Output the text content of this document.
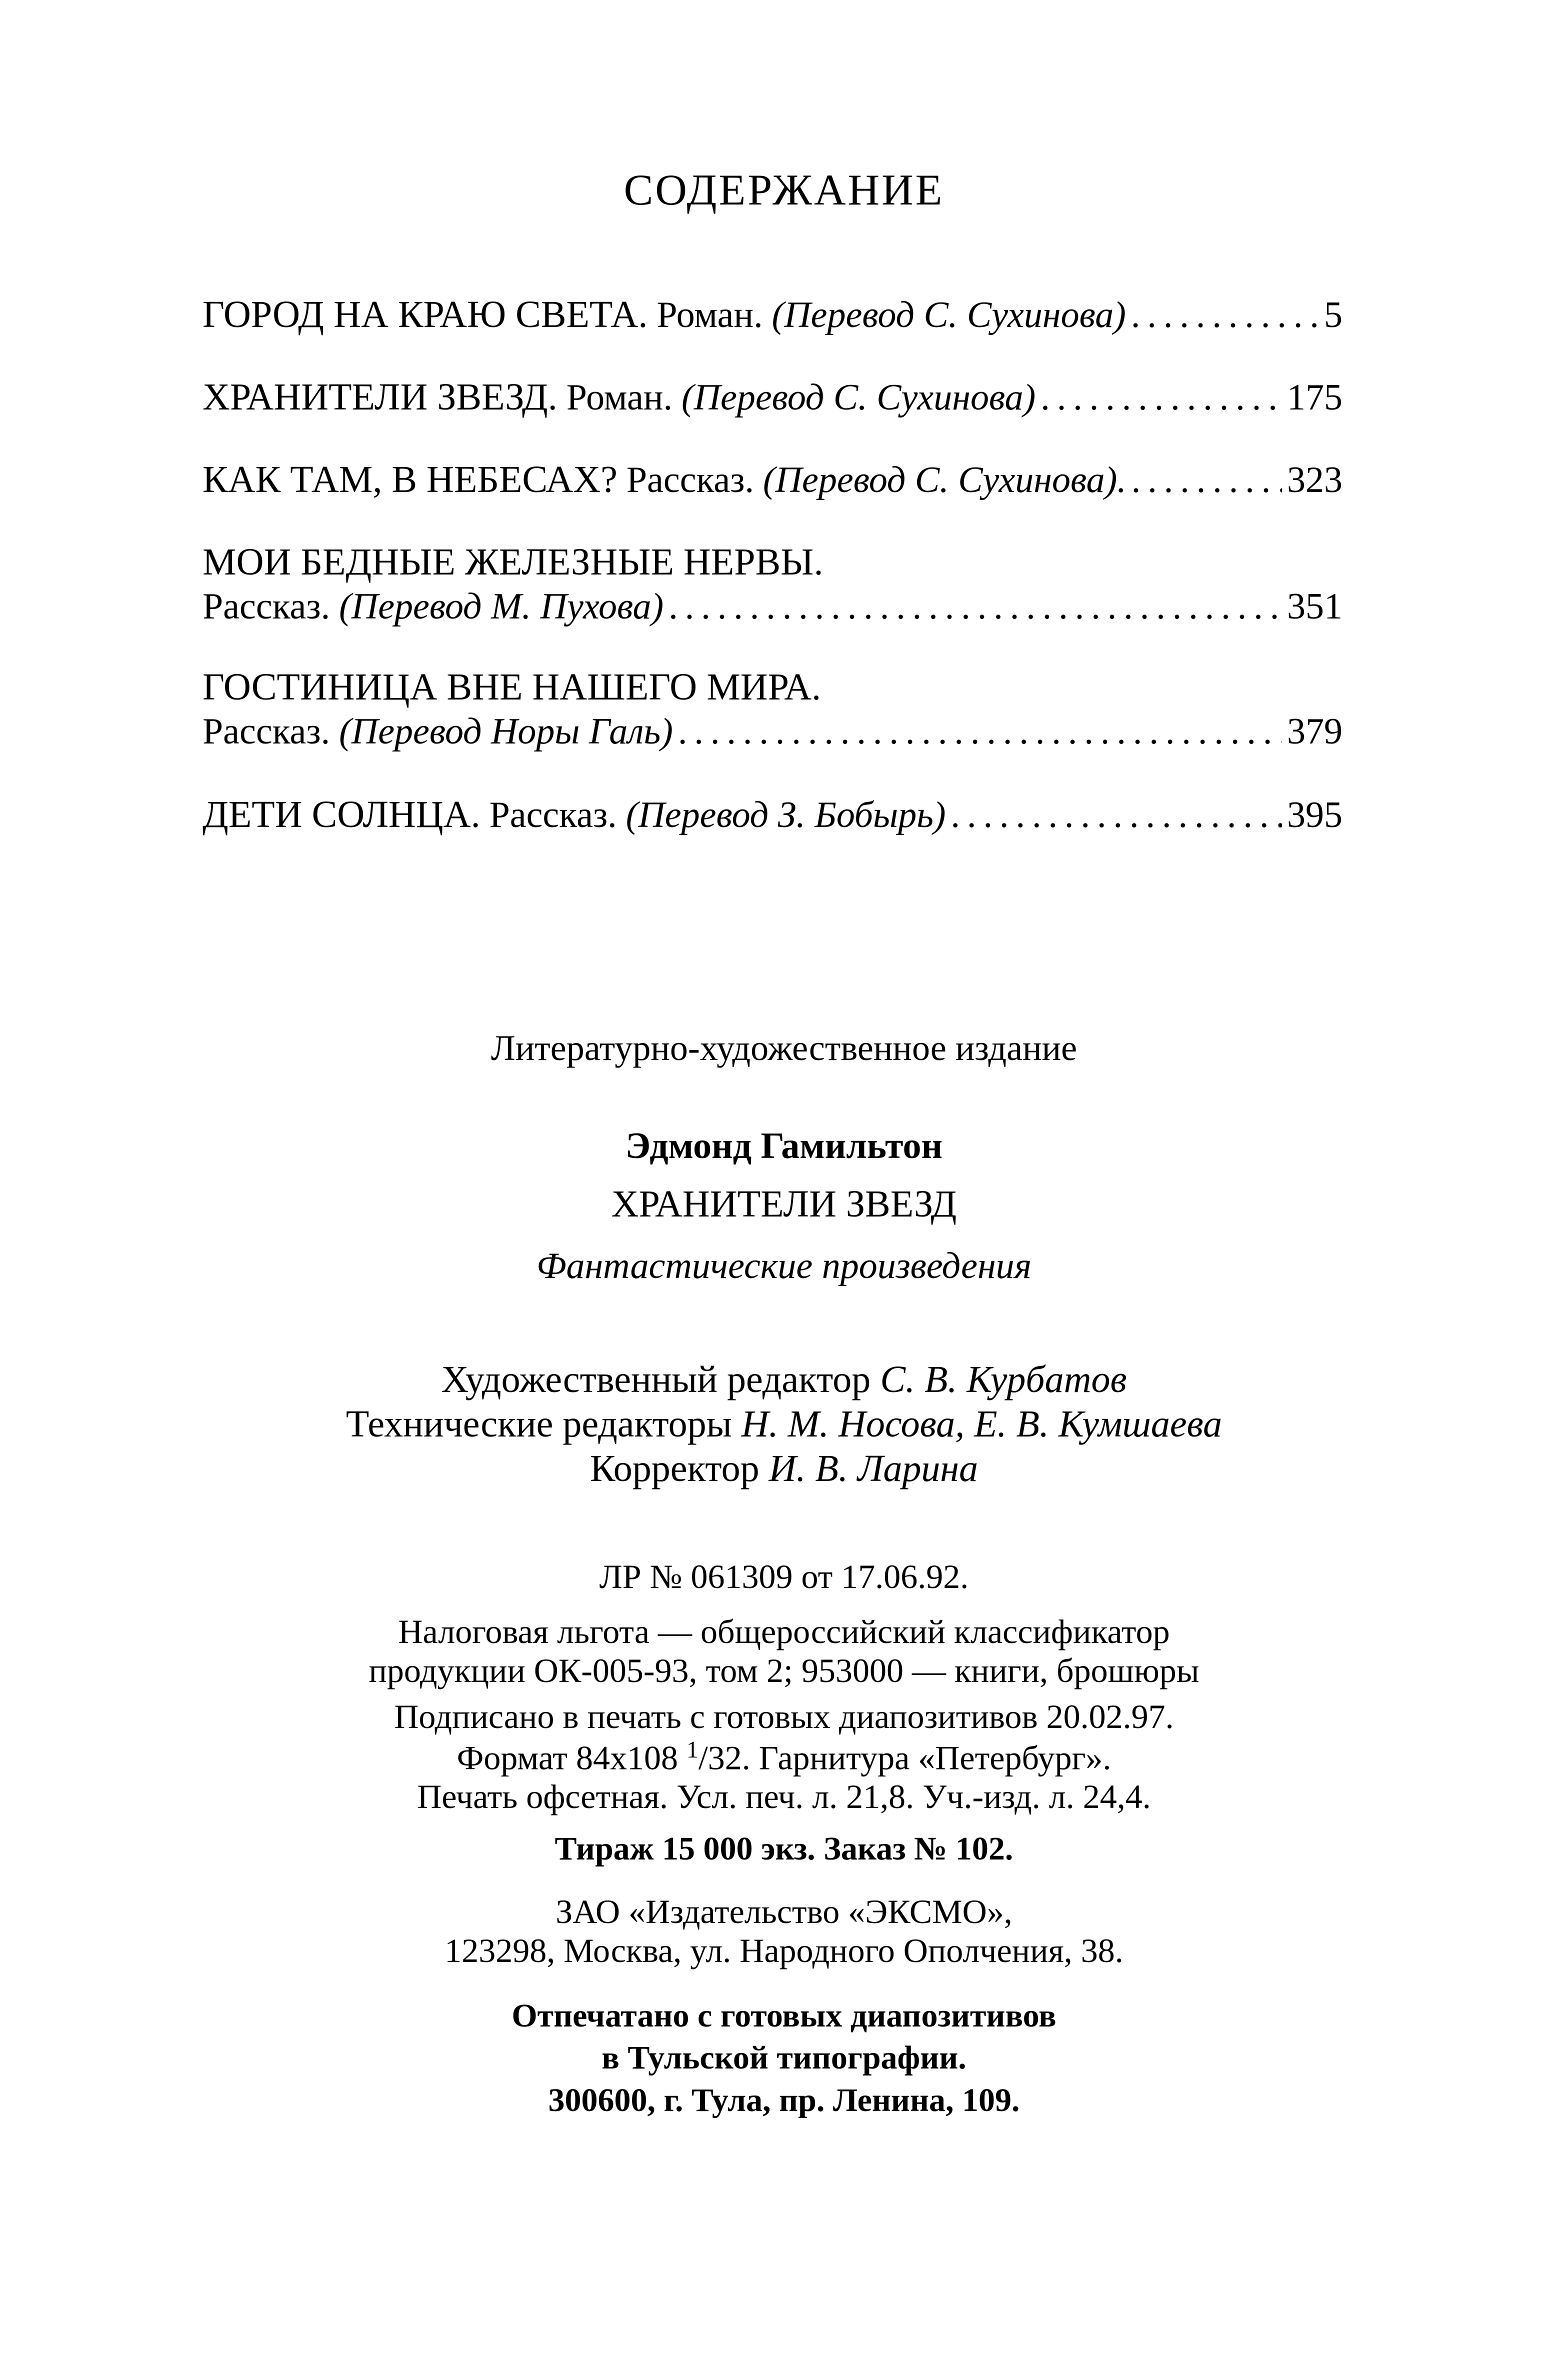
СОДЕРЖАНИЕ
ГОРОД НА КРАЮ СВЕТА. Роман. (Перевод С. Сухинова) .....	5
ХРАНИТЕЛИ ЗВЕЗД. Роман. (Перевод С. Сухинова) .....	175
КАК ТАМ, В НЕБЕСАХ? Рассказ. (Перевод С. Сухинова). .....	323
МОИ БЕДНЫЕ ЖЕЛЕЗНЫЕ НЕРВЫ.
Рассказ. (Перевод М. Пухова) .....	351
ГОСТИНИЦА ВНЕ НАШЕГО МИРА.
Рассказ. (Перевод Норы Галь) .....	379
ДЕТИ СОЛНЦА. Рассказ. (Перевод З. Бобырь) .....	395
Литературно-художественное издание
Эдмонд Гамильтон
ХРАНИТЕЛИ ЗВЕЗД
Фантастические произведения
Художественный редактор С. В. Курбатов
Технические редакторы Н. М. Носова, Е. В. Кумшаева
Корректор И. В. Ларина
ЛР № 061309 от 17.06.92.
Налоговая льгота — общероссийский классификатор
продукции ОК-005-93, том 2; 953000 — книги, брошюры
Подписано в печать с готовых диапозитивов 20.02.97.
Формат 84x108 $^1$/32. Гарнитура «Петербург».
Печать офсетная. Усл. печ. л. 21,8. Уч.-изд. л. 24,4.
Тираж 15 000 экз. Заказ № 102.
ЗАО «Издательство «ЭКСМО»,
123298, Москва, ул. Народного Ополчения, 38.
Отпечатано с готовых диапозитивов
в Тульской типографии.
300600, г. Тула, пр. Ленина, 109.
